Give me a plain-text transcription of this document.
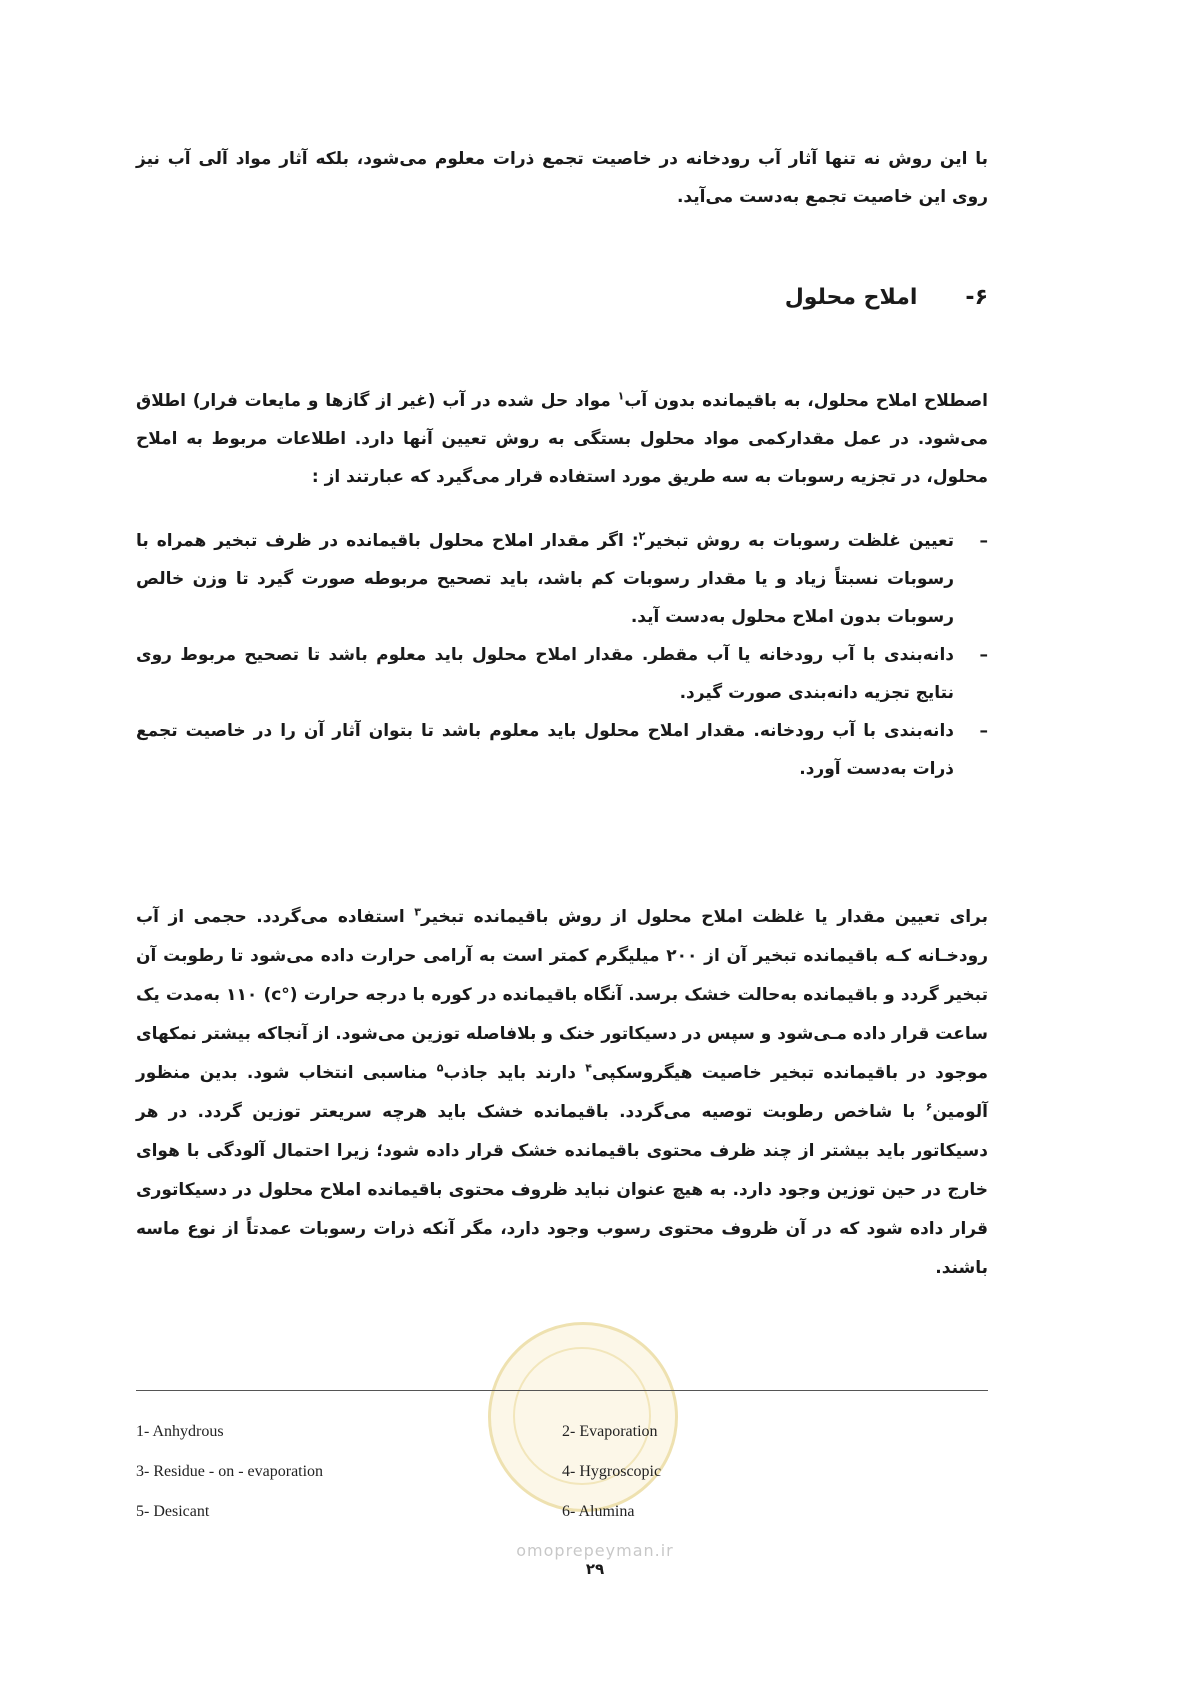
با این روش نه تنها آثار آب رودخانه در خاصیت تجمع ذرات معلوم می‌شود، بلکه آثار مواد آلی آب نیز روی این خاصیت تجمع به‌دست می‌آید.

۶-
املاح محلول

اصطلاح املاح محلول، به باقیمانده بدون آب$^۱$ مواد حل شده در آب (غیر از گازها و مایعات فرار) اطلاق می‌شود. در عمل مقدارکمی مواد محلول بستگی به روش تعیین آنها دارد. اطلاعات مربوط به املاح محلول، در تجزیه رسوبات به سه طریق مورد استفاده قرار می‌گیرد که عبارتند از :

–
تعیین غلظت رسوبات به روش تبخیر$^۲$: اگر مقدار املاح محلول باقیمانده در ظرف تبخیر همراه با رسوبات نسبتاً زیاد و یا مقدار رسوبات کم باشد، باید تصحیح مربوطه صورت گیرد تا وزن خالص رسوبات بدون املاح محلول به‌دست آید.
–
دانه‌بندی با آب رودخانه یا آب مقطر. مقدار املاح محلول باید معلوم باشد تا تصحیح مربوط روی نتایج تجزیه دانه‌بندی صورت گیرد.
–
دانه‌بندی با آب رودخانه. مقدار املاح محلول باید معلوم باشد تا بتوان آثار آن را در خاصیت تجمع ذرات به‌دست آورد.

برای تعیین مقدار یا غلظت املاح محلول از روش باقیمانده تبخیر$^۳$ استفاده می‌گردد. حجمی از آب رودخـانه کـه باقیمانده تبخیر آن از ۲۰۰ میلیگرم کمتر است به آرامی حرارت داده می‌شود تا رطوبت آن تبخیر گردد و باقیمانده به‌حالت خشک برسد. آنگاه باقیمانده در کوره با درجه حرارت (°c) ۱۱۰ به‌مدت یک ساعت قرار داده مـی‌شود و سپس در دسیکاتور خنک و بلافاصله توزین می‌شود. از آنجاکه بیشتر نمکهای موجود در باقیمانده تبخیر خاصیت هیگروسکپی$^۴$ دارند باید جاذب$^۵$ مناسبی انتخاب شود. بدین منظور آلومین$^۶$ با شاخص رطوبت توصیه می‌گردد. باقیمانده خشک باید هرچه سریعتر توزین گردد. در هر دسیکاتور باید بیشتر از چند ظرف محتوی باقیمانده خشک قرار داده شود؛ زیرا احتمال آلودگی با هوای خارج در حین توزین وجود دارد. به هیچ عنوان نباید ظروف محتوی باقیمانده املاح محلول در دسیکاتوری قرار داده شود که در آن ظروف محتوی رسوب وجود دارد، مگر آنکه ذرات رسوبات عمدتاً از نوع ماسه باشند.

1- Anhydrous	2- Evaporation
3- Residue - on - evaporation	4- Hygroscopic
5- Desicant	6- Alumina
omoprepeyman.ir
۲۹
